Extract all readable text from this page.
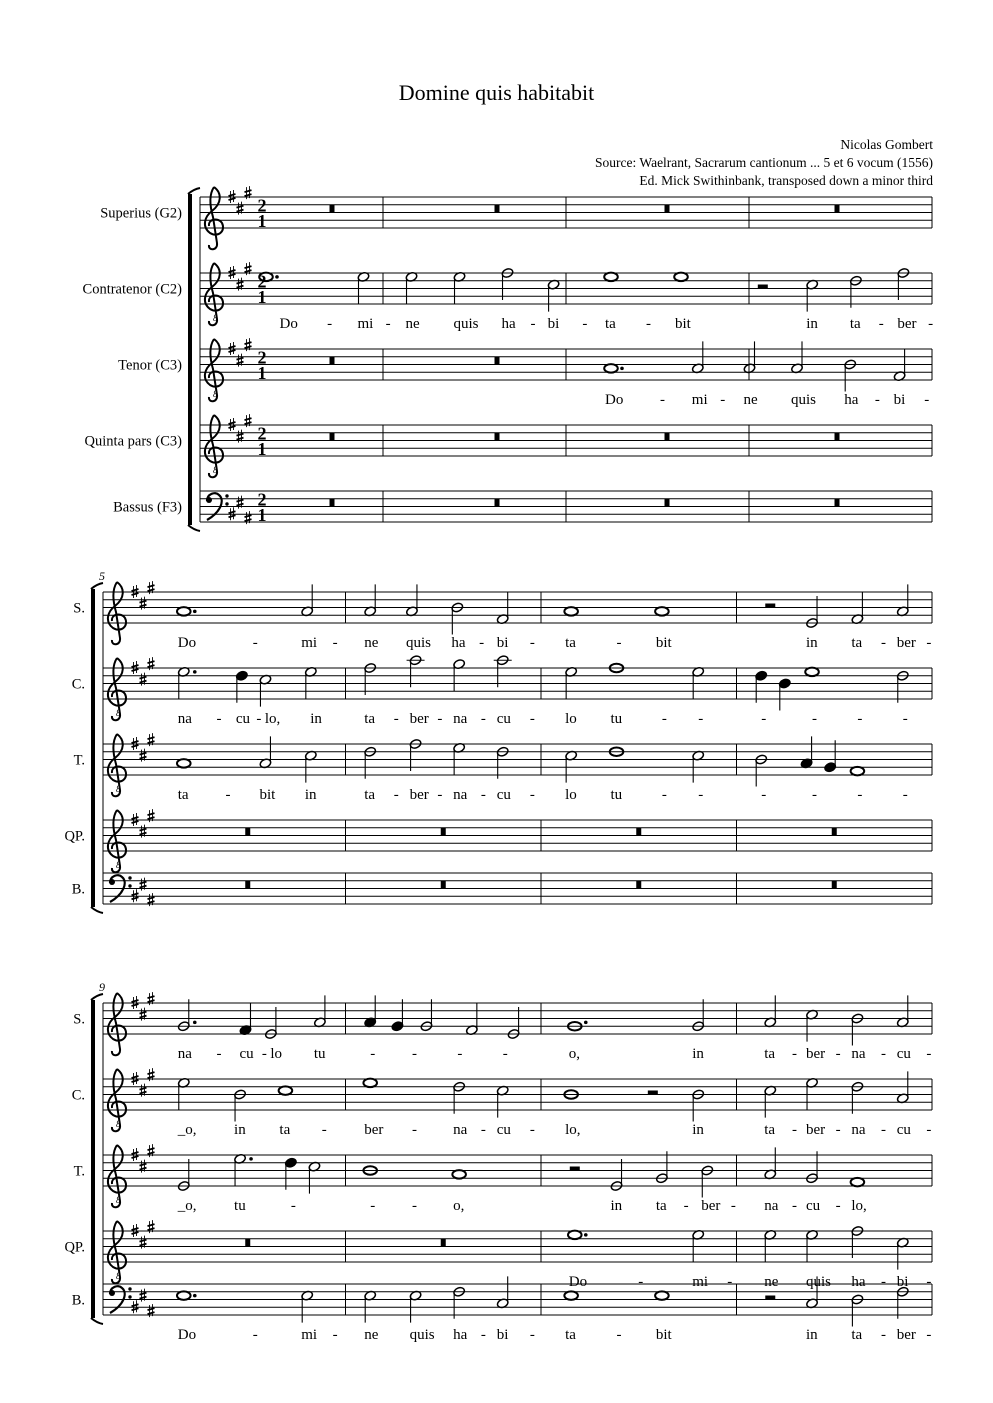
Domine quis habitabit
Nicolas Gombert
Source: Waelrant, Sacrarum cantionum ... 5 et 6 vocum (1556)
Ed. Mick Swithinbank, transposed down a minor third
Superius (G2)	2
1
Contratenor (C2)
8
2
1
Do - mi - ne quis ha - bi - ta - bit	in ta - ber -
Tenor (C3)
8
2
1
Do - mi - ne quis ha - bi -
Quinta pars (C3)
8
2
1
Bassus (F3)	2
1
5
S.
Do	-	mi - ne quis ha - bi - ta	- bit	in ta - ber -
C.
8	na - cu - lo, in	ta - ber - na - cu - lo tu	- -	-	-	-	-
T.
8	ta - bit in	ta - ber - na - cu - lo tu	- -	-	-	-	-
QP.
8
B.
9
S.
na - cu - lo tu	- -	-	-	o,	in	ta - ber - na - cu -
C.
8	_o,	in ta - ber - na - cu - lo,	in	ta - ber - na - cu -
T.
8	_o,	tu	-	- - o,	in ta - ber - na - cu - lo,
QP.
8	Do	-	mi - ne quis ha - bi -
B.
Do	-	mi - ne quis ha - bi - ta	- bit	in ta - ber -
